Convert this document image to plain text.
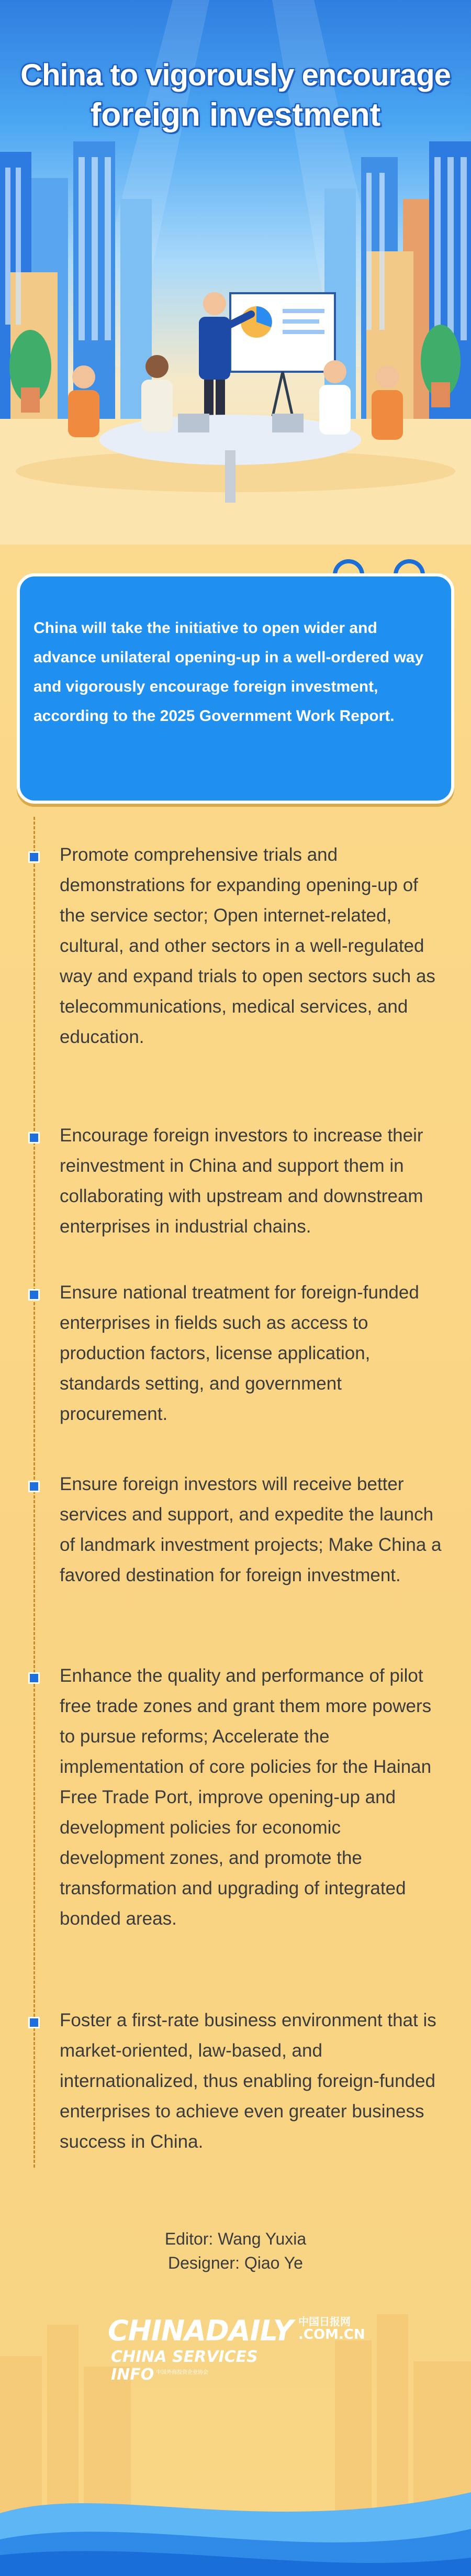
China to vigorously encourage
foreign investment
China will take the initiative to open wider and advance unilateral opening-up in a well-ordered way and vigorously encourage foreign investment, according to the 2025 Government Work Report.
Promote comprehensive trials and demonstrations for expanding opening-up of the service sector; Open internet-related, cultural, and other sectors in a well-regulated way and expand trials to open sectors such as telecommunications, medical services, and education.
Encourage foreign investors to increase their reinvestment in China and support them in collaborating with upstream and downstream enterprises in industrial chains.
Ensure national treatment for foreign-funded enterprises in fields such as access to production factors, license application, standards setting, and government procurement.
Ensure foreign investors will receive better services and support, and expedite the launch of landmark investment projects; Make China a favored destination for foreign investment.
Enhance the quality and performance of pilot free trade zones and grant them more powers to pursue reforms; Accelerate the implementation of core policies for the Hainan Free Trade Port, improve opening-up and development policies for economic development zones, and promote the transformation and upgrading of integrated bonded areas.
Foster a first-rate business environment that is market-oriented, law-based, and internationalized, thus enabling foreign-funded enterprises to achieve even greater business success in China.
Editor: Wang Yuxia
Designer: Qiao Ye
CHINADAILY 中国日报网
.COM.CN
CHINA SERVICES
INFO 中国外商投资企业协会
